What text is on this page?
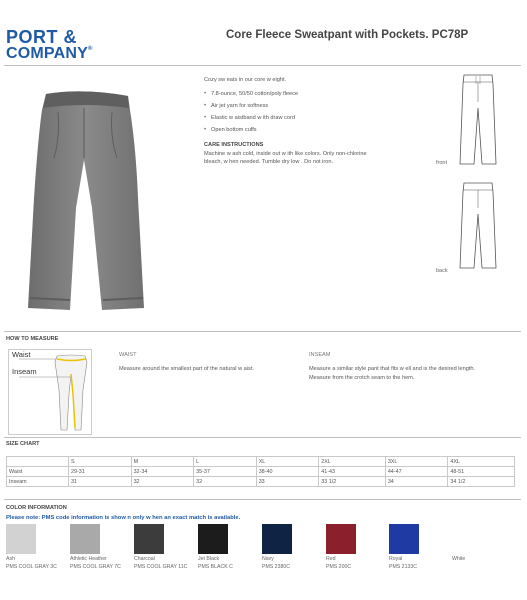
PORT &
COMPANY®
Core Fleece Sweatpant with Pockets. PC78P
Cozy sw eats in our core w eight.
• 7.8-ounce, 50/50 cotton/poly fleece
• Air jet yarn for softness
• Elastic w aistband w ith draw cord
• Open bottom cuffs
CARE INSTRUCTIONS
Machine w ash cold, inside out w ith like colors. Only non-chlorine bleach, w hen needed. Tumble dry low . Do not iron.	front
back
HOW TO MEASURE
Waist
Inseam
WAIST
Measure around the smallest part of the natural w aist.
INSEAM
Measure a similar style pant that fits w ell and is the desired length. Measure from the crotch seam to the hem.
SIZE CHART
	S	M	L	XL	2XL	3XL	4XL
Waist	29-31	32-34	35-37	38-40	41-43	44-47	48-51
Inseam	31	32	32	33	33 1/2	34	34 1/2
COLOR INFORMATION
Please note: PMS code information is show n only w hen an exact match is available.
Ash
PMS COOL GRAY 3C
Athletic Heather
PMS COOL GRAY 7C
Charcoal
PMS COOL GRAY 11C
Jet Black
PMS BLACK C
Navy
PMS 2380C
Red
PMS 200C
Royal
PMS 2133C
White
